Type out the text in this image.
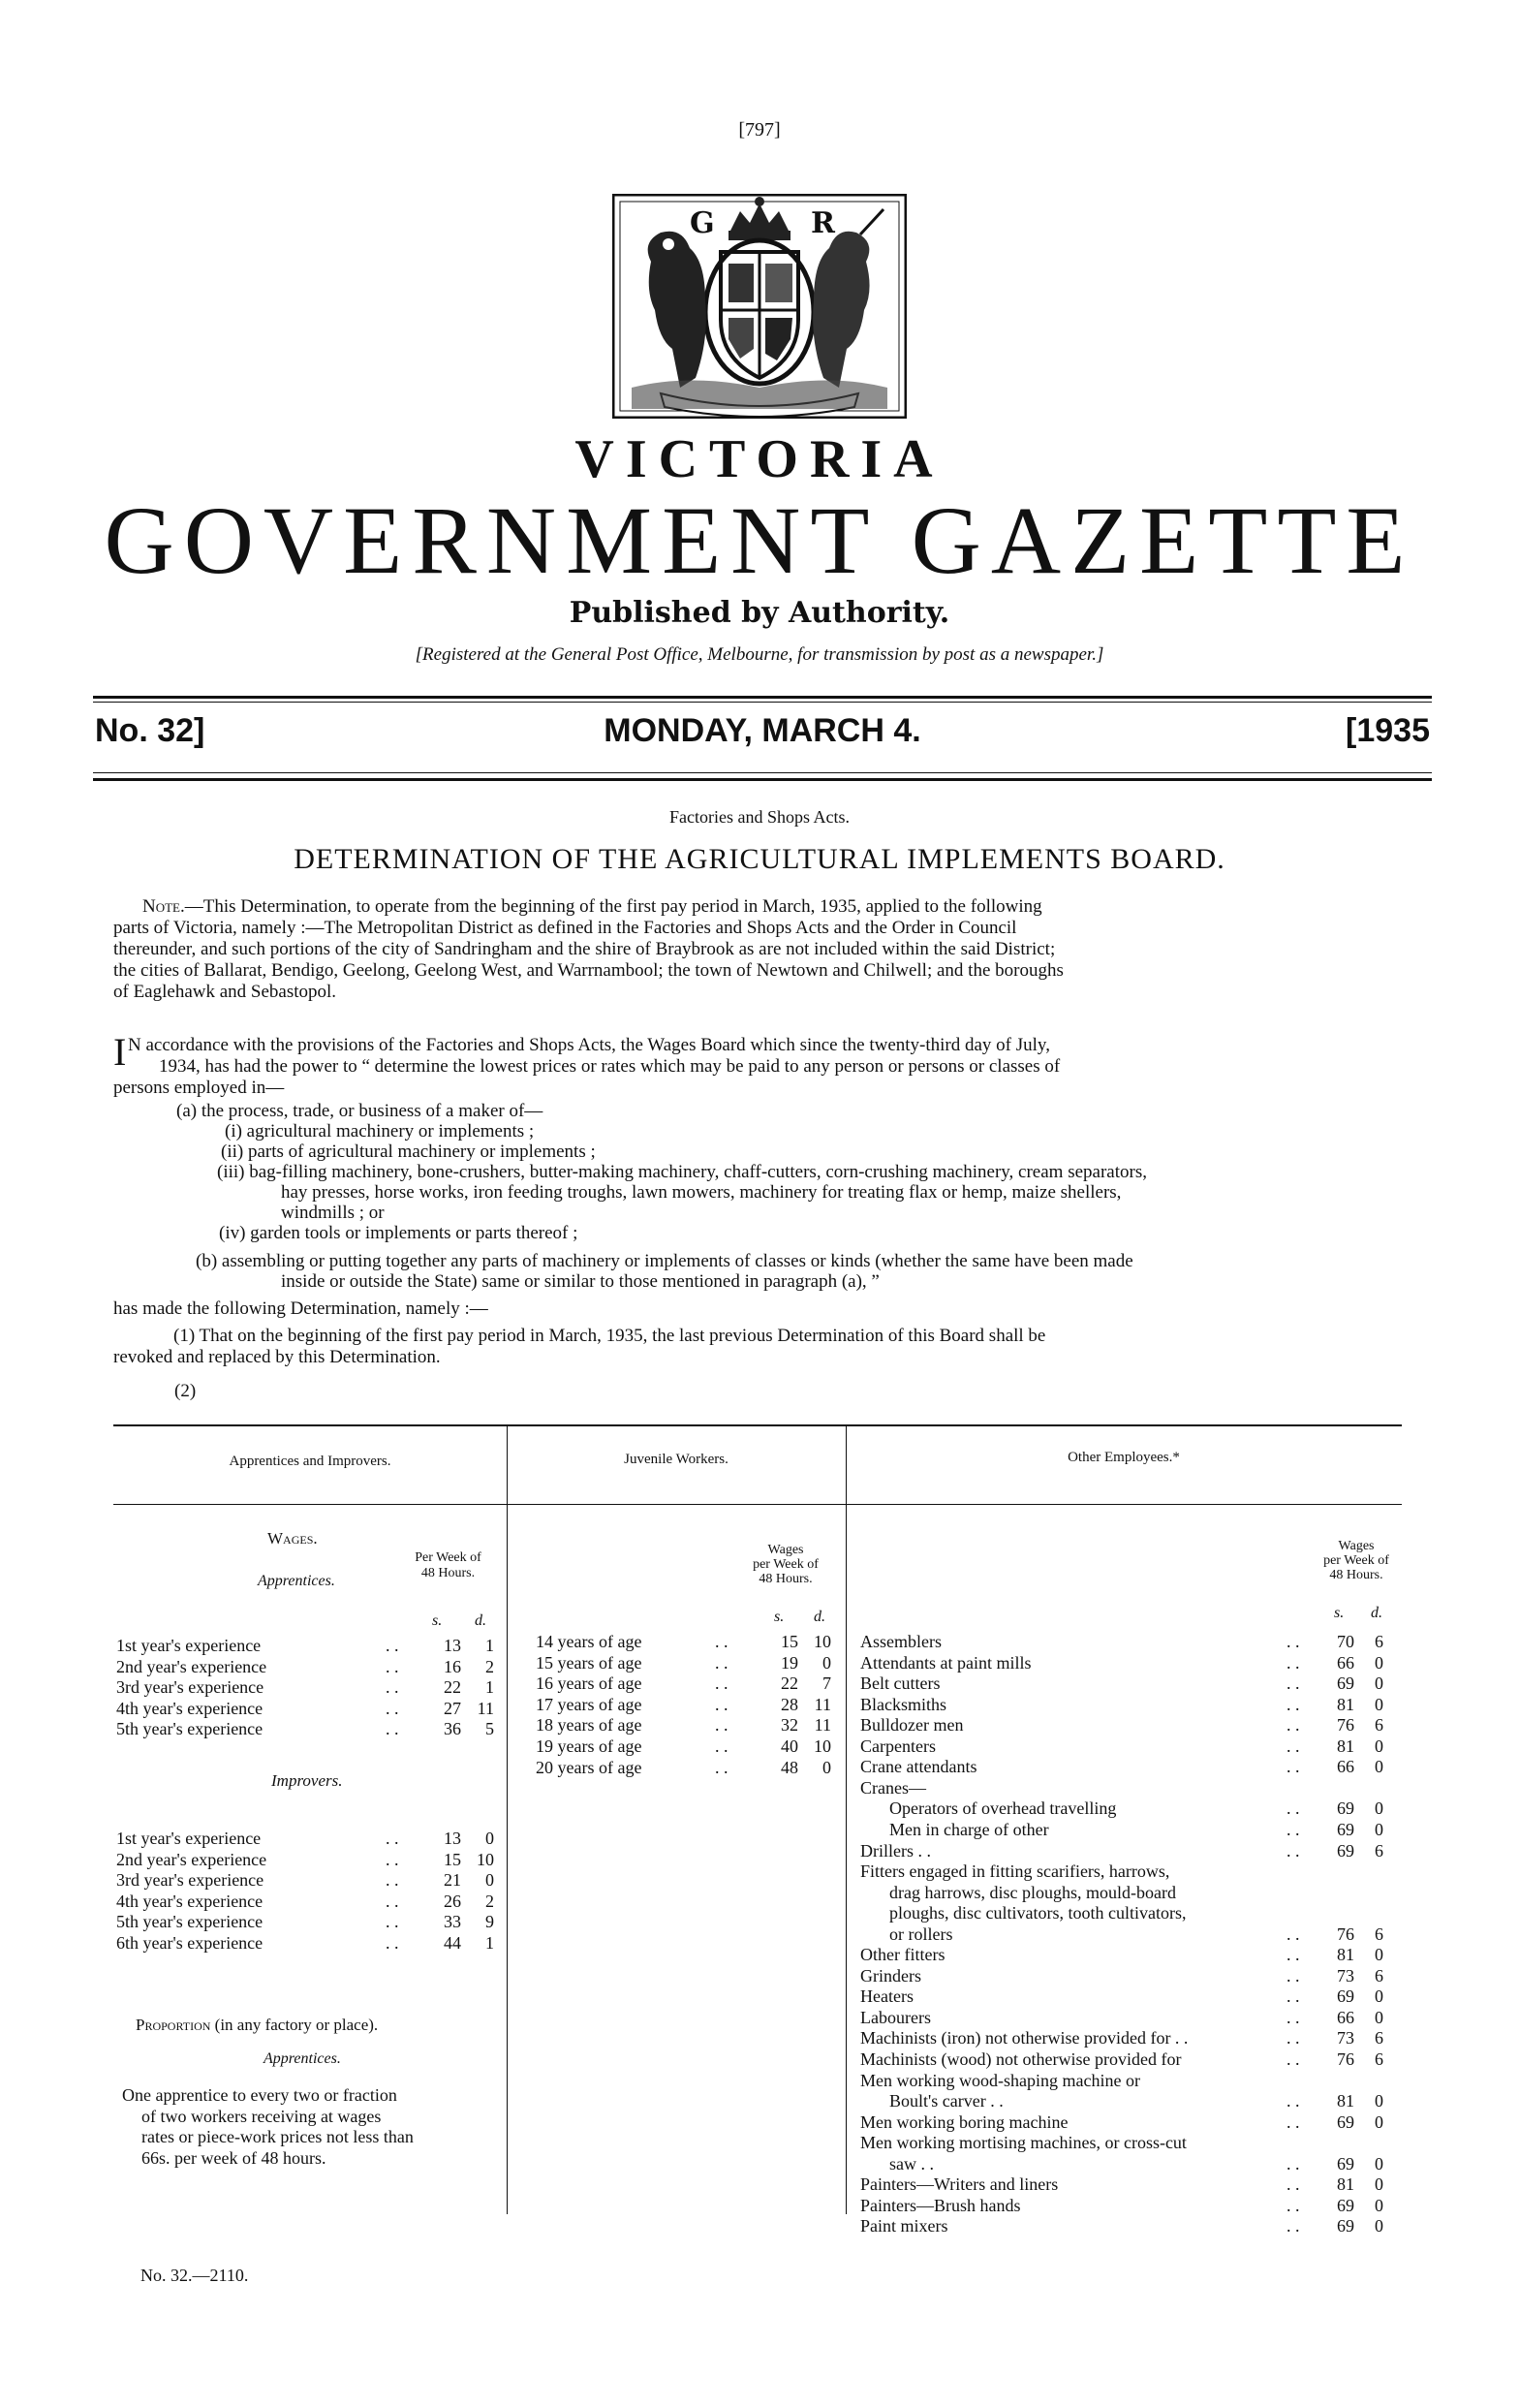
[797]
G	R
VICTORIA
GOVERNMENT GAZETTE
Published by Authority.
[Registered at the General Post Office, Melbourne, for transmission by post as a newspaper.]
No. 32]	MONDAY, MARCH 4.	[1935
Factories and Shops Acts.
DETERMINATION OF THE AGRICULTURAL IMPLEMENTS BOARD.
Note.—This Determination, to operate from the beginning of the first pay period in March, 1935, applied to the following
parts of Victoria, namely :—The Metropolitan District as defined in the Factories and Shops Acts and the Order in Council
thereunder, and such portions of the city of Sandringham and the shire of Braybrook as are not included within the said District;
the cities of Ballarat, Bendigo, Geelong, Geelong West, and Warrnambool; the town of Newtown and Chilwell; and the boroughs
of Eaglehawk and Sebastopol.
I N accordance with the provisions of the Factories and Shops Acts, the Wages Board which since the twenty-third day of July,
1934, has had the power to “ determine the lowest prices or rates which may be paid to any person or persons or classes of
persons employed in—
(a) the process, trade, or business of a maker of—
(i) agricultural machinery or implements ;
(ii) parts of agricultural machinery or implements ;
(iii) bag-filling machinery, bone-crushers, butter-making machinery, chaff-cutters, corn-crushing machinery, cream separators,
hay presses, horse works, iron feeding troughs, lawn mowers, machinery for treating flax or hemp, maize shellers,
windmills ; or
(iv) garden tools or implements or parts thereof ;
(b) assembling or putting together any parts of machinery or implements of classes or kinds (whether the same have been made
inside or outside the State) same or similar to those mentioned in paragraph (a), ”
has made the following Determination, namely :—
(1) That on the beginning of the first pay period in March, 1935, the last previous Determination of this Board shall be
revoked and replaced by this Determination.
(2)
Apprentices and Improvers.	Juvenile Workers.	Other Employees.*
Wages.
Per Week of
Apprentices.	48 Hours.
s. d.
Wages
per Week of
48 Hours.
s. d.
Wages
per Week of
48 Hours.
s. d.
1st year's experience	. .	13	1
2nd year's experience	. .	16	2
3rd year's experience	. .	22	1
4th year's experience	. .	27 11
5th year's experience	. .	36	5
Improvers.
1st year's experience	. .	13	0
2nd year's experience	. .	15 10
3rd year's experience	. .	21	0
4th year's experience	. .	26	2
5th year's experience	. .	33	9
6th year's experience	. .	44	1
Proportion (in any factory or place).
Apprentices.
One apprentice to every two or fraction
of two workers receiving at wages
rates or piece-work prices not less than
66s. per week of 48 hours.
14 years of age	. .	15 10
15 years of age	. .	19	0
16 years of age	. .	22	7
17 years of age	. .	28 11
18 years of age	. .	32 11
19 years of age	. .	40 10
20 years of age	. .	48	0
Assemblers	. .	70	6
Attendants at paint mills	. .	66	0
Belt cutters	. .	69	0
Blacksmiths	. .	81	0
Bulldozer men	. .	76	6
Carpenters	. .	81	0
Crane attendants	. .	66	0
Cranes—
Operators of overhead travelling	. .	69	0
Men in charge of other	. .	69	0
Drillers . .	. .	69	6
Fitters engaged in fitting scarifiers, harrows,
drag harrows, disc ploughs, mould-board
ploughs, disc cultivators, tooth cultivators,
or rollers	. .	76	6
Other fitters	. .	81	0
Grinders	. .	73	6
Heaters	. .	69	0
Labourers	. .	66	0
Machinists (iron) not otherwise provided for . .	. .	73	6
Machinists (wood) not otherwise provided for	. .	76	6
Men working wood-shaping machine or
Boult's carver . .	. .	81	0
Men working boring machine	. .	69	0
Men working mortising machines, or cross-cut
saw . .	. .	69	0
Painters—Writers and liners	. .	81	0
Painters—Brush hands	. .	69	0
Paint mixers	. .	69	0
No. 32.—2110.
